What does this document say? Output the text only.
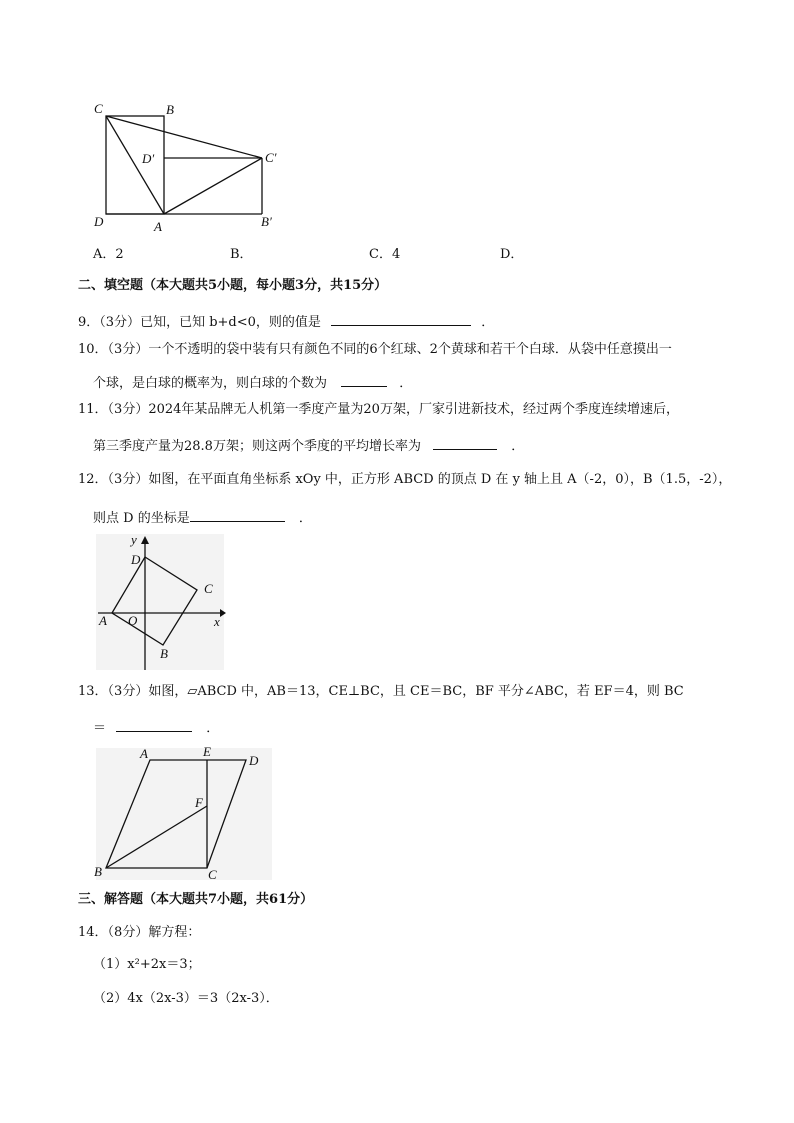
C	B
D′	C′
D	A	B′
A．2	B．	C．4	D．
二、填空题（本大题共5小题，每小题3分，共15分）
9．（3分）已知，已知 b+d<0，则的值是	．
10．（3分）一个不透明的袋中装有只有颜色不同的6个红球、2个黄球和若干个白球．从袋中任意摸出一
个球，是白球的概率为，则白球的个数为	．
11．（3分）2024年某品牌无人机第一季度产量为20万架，厂家引进新技术，经过两个季度连续增速后，
第三季度产量为28.8万架；则这两个季度的平均增长率为	．
12．（3分）如图，在平面直角坐标系 xOy 中，正方形 ABCD 的顶点 D 在 y 轴上且 A（-2，0），B（1.5，-2），
则点 D 的坐标是	．
y
x
D
C
A O
B
13．（3分）如图，▱ABCD 中，AB＝13，CE⊥BC，且 CE＝BC，BF 平分∠ABC，若 EF＝4，则 BC
＝	．
A	E
D
F
B	C
三、解答题（本大题共7小题，共61分）
14．（8分）解方程：
（1）x²+2x＝3；
（2）4x（2x-3）＝3（2x-3）．
